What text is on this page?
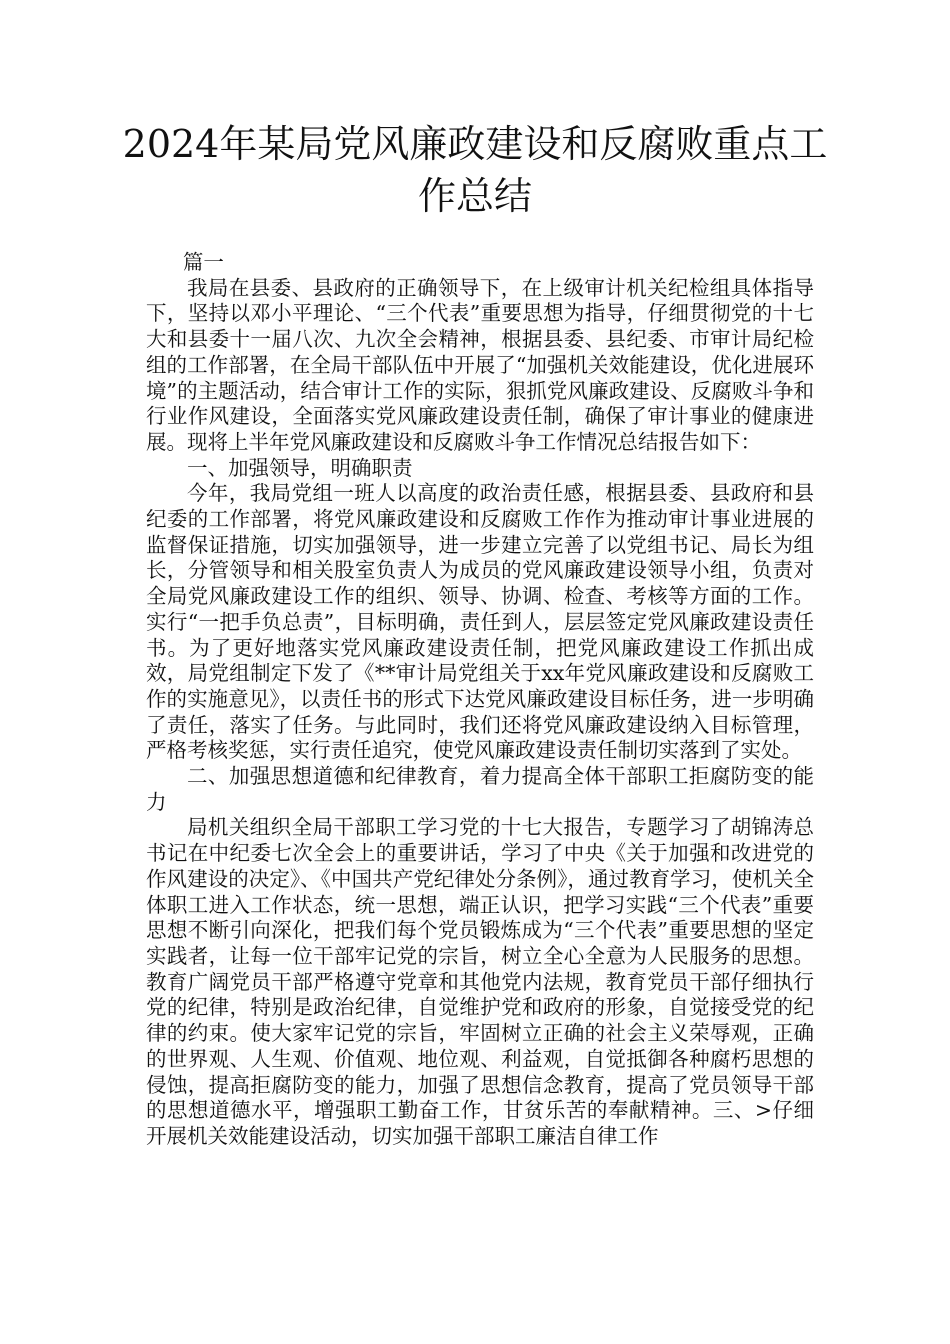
2024年某局党风廉政建设和反腐败重点工作总结

篇一

我局在县委、县政府的正确领导下，在上级审计机关纪检组具体指导下，坚持以邓小平理论、“三个代表”重要思想为指导，仔细贯彻党的十七大和县委十一届八次、九次全会精神，根据县委、县纪委、市审计局纪检组的工作部署，在全局干部队伍中开展了“加强机关效能建设，优化进展环境”的主题活动，结合审计工作的实际，狠抓党风廉政建设、反腐败斗争和行业作风建设，全面落实党风廉政建设责任制，确保了审计事业的健康进展。现将上半年党风廉政建设和反腐败斗争工作情况总结报告如下：

一、加强领导，明确职责

今年，我局党组一班人以高度的政治责任感，根据县委、县政府和县纪委的工作部署，将党风廉政建设和反腐败工作作为推动审计事业进展的监督保证措施，切实加强领导，进一步建立完善了以党组书记、局长为组长，分管领导和相关股室负责人为成员的党风廉政建设领导小组，负责对全局党风廉政建设工作的组织、领导、协调、检查、考核等方面的工作。实行“一把手负总责”，目标明确，责任到人，层层签定党风廉政建设责任书。为了更好地落实党风廉政建设责任制，把党风廉政建设工作抓出成效，局党组制定下发了《**审计局党组关于xx年党风廉政建设和反腐败工作的实施意见》，以责任书的形式下达党风廉政建设目标任务，进一步明确了责任，落实了任务。与此同时，我们还将党风廉政建设纳入目标管理，严格考核奖惩，实行责任追究，使党风廉政建设责任制切实落到了实处。

二、加强思想道德和纪律教育，着力提高全体干部职工拒腐防变的能力

局机关组织全局干部职工学习党的十七大报告，专题学习了胡锦涛总书记在中纪委七次全会上的重要讲话，学习了中央《关于加强和改进党的作风建设的决定》、《中国共产党纪律处分条例》，通过教育学习，使机关全体职工进入工作状态，统一思想，端正认识，把学习实践“三个代表”重要思想不断引向深化，把我们每个党员锻炼成为“三个代表”重要思想的坚定实践者，让每一位干部牢记党的宗旨，树立全心全意为人民服务的思想。教育广阔党员干部严格遵守党章和其他党内法规，教育党员干部仔细执行党的纪律，特别是政治纪律，自觉维护党和政府的形象，自觉接受党的纪律的约束。使大家牢记党的宗旨，牢固树立正确的社会主义荣辱观，正确的世界观、人生观、价值观、地位观、利益观，自觉抵御各种腐朽思想的侵蚀，提高拒腐防变的能力，加强了思想信念教育，提高了党员领导干部的思想道德水平，增强职工勤奋工作，甘贫乐苦的奉献精神。三、>仔细开展机关效能建设活动，切实加强干部职工廉洁自律工作
